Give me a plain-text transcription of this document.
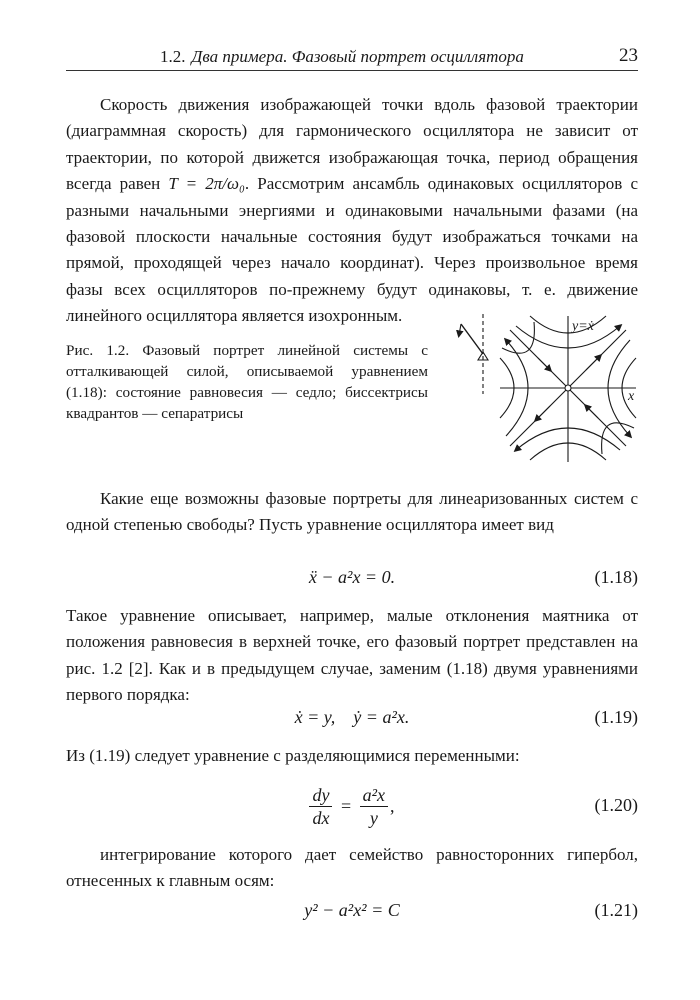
1.2. Два примера. Фазовый портрет осциллятора	23

Скорость движения изображающей точки вдоль фазовой траектории (диаграммная скорость) для гармонического осциллятора не зависит от траектории, по которой движется изображающая точка, период обращения всегда равен T = 2π/ω₀. Рассмотрим ансамбль одинаковых осцилляторов с разными начальными энергиями и одинаковыми начальными фазами (на фазовой плоскости начальные состояния будут изображаться точками на прямой, проходящей через начало координат). Через произвольное время фазы всех осцилляторов по-прежнему будут одинаковы, т. е. движение линейного осциллятора является изохронным.

Рис. 1.2. Фазовый портрет линейной системы с отталкивающей силой, описываемой уравнением (1.18): состояние равновесия — седло; биссектрисы квадрантов — сепаратрисы

y=ẋ
x

Какие еще возможны фазовые портреты для линеаризованных систем с одной степенью свободы? Пусть уравнение осциллятора имеет вид

ẍ − a²x = 0.	(1.18)

Такое уравнение описывает, например, малые отклонения маятника от положения равновесия в верхней точке, его фазовый портрет представлен на рис. 1.2 [2]. Как и в предыдущем случае, заменим (1.18) двумя уравнениями первого порядка:

ẋ = y,    ẏ = a²x.	(1.19)

Из (1.19) следует уравнение с разделяющимися переменными:

$\frac{dy}{dx} = \frac{\text{a²x}}{y}$ ,	(1.20)

интегрирование которого дает семейство равносторонних гипербол, отнесенных к главным осям:

y² − a²x² = C	(1.21)
